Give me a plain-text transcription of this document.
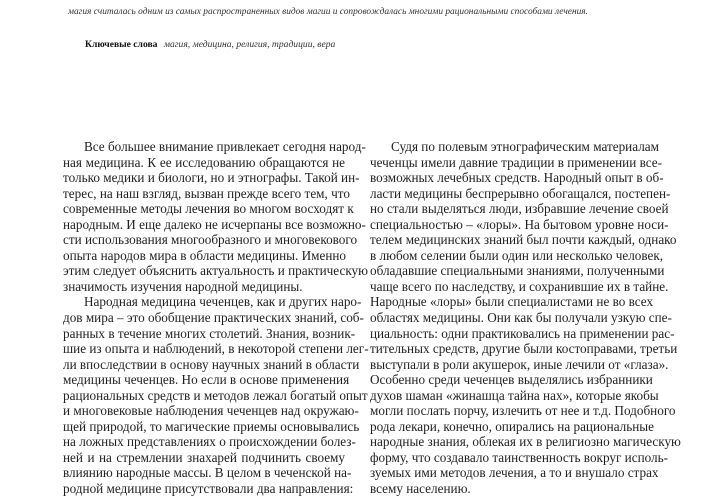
магия считалась одним из самых распространенных видов магии и сопровождалась многими рациональными способами лечения.
Ключевые слова магия, медицина, религия, традиции, вера

Все большее внимание привлекает сегодня народ-
ная медицина. К ее исследованию обращаются не
только медики и биологи, но и этнографы. Такой ин-
терес, на наш взгляд, вызван прежде всего тем, что
современные методы лечения во многом восходят к
народным. И еще далеко не исчерпаны все возможно-
сти использования многообразного и многовекового
опыта народов мира в области медицины. Именно
этим следует объяснить актуальность и практическую
значимость изучения народной медицины.

Народная медицина чеченцев, как и других наро-
дов мира – это обобщение практических знаний, соб-
ранных в течение многих столетий. Знания, возник-
шие из опыта и наблюдений, в некоторой степени лег-
ли впоследствии в основу научных знаний в области
медицины чеченцев. Но если в основе применения
рациональных средств и методов лежал богатый опыт
и многовековые наблюдения чеченцев над окружаю-
щей природой, то магические приемы основывались
на ложных представлениях о происхождении болез-
ней и на стремлении знахарей подчинить своему
влиянию народные массы. В целом в чеченской на-
родной медицине присутствовали два направления:

Судя по полевым этнографическим материалам
чеченцы имели давние традиции в применении все-
возможных лечебных средств. Народный опыт в об-
ласти медицины беспрерывно обогащался, постепен-
но стали выделяться люди, избравшие лечение своей
специальностью – «лоры». На бытовом уровне носи-
телем медицинских знаний был почти каждый, однако
в любом селении были один или несколько человек,
обладавшие специальными знаниями, полученными
чаще всего по наследству, и сохранившие их в тайне.
Народные «лоры» были специалистами не во всех
областях медицины. Они как бы получали узкую спе-
циальность: одни практиковались на применении рас-
тительных средств, другие были костоправами, третьи
выступали в роли акушерок, иные лечили от «глаза».
Особенно среди чеченцев выделялись избранники
духов шаман «жинашца тайна нах», которые якобы
могли послать порчу, излечить от нее и т.д. Подобного
рода лекари, конечно, опирались на рациональные
народные знания, облекая их в религиозно магическую
форму, что создавало таинственность вокруг исполь-
зуемых ими методов лечения, а то и внушало страх
всему населению.
